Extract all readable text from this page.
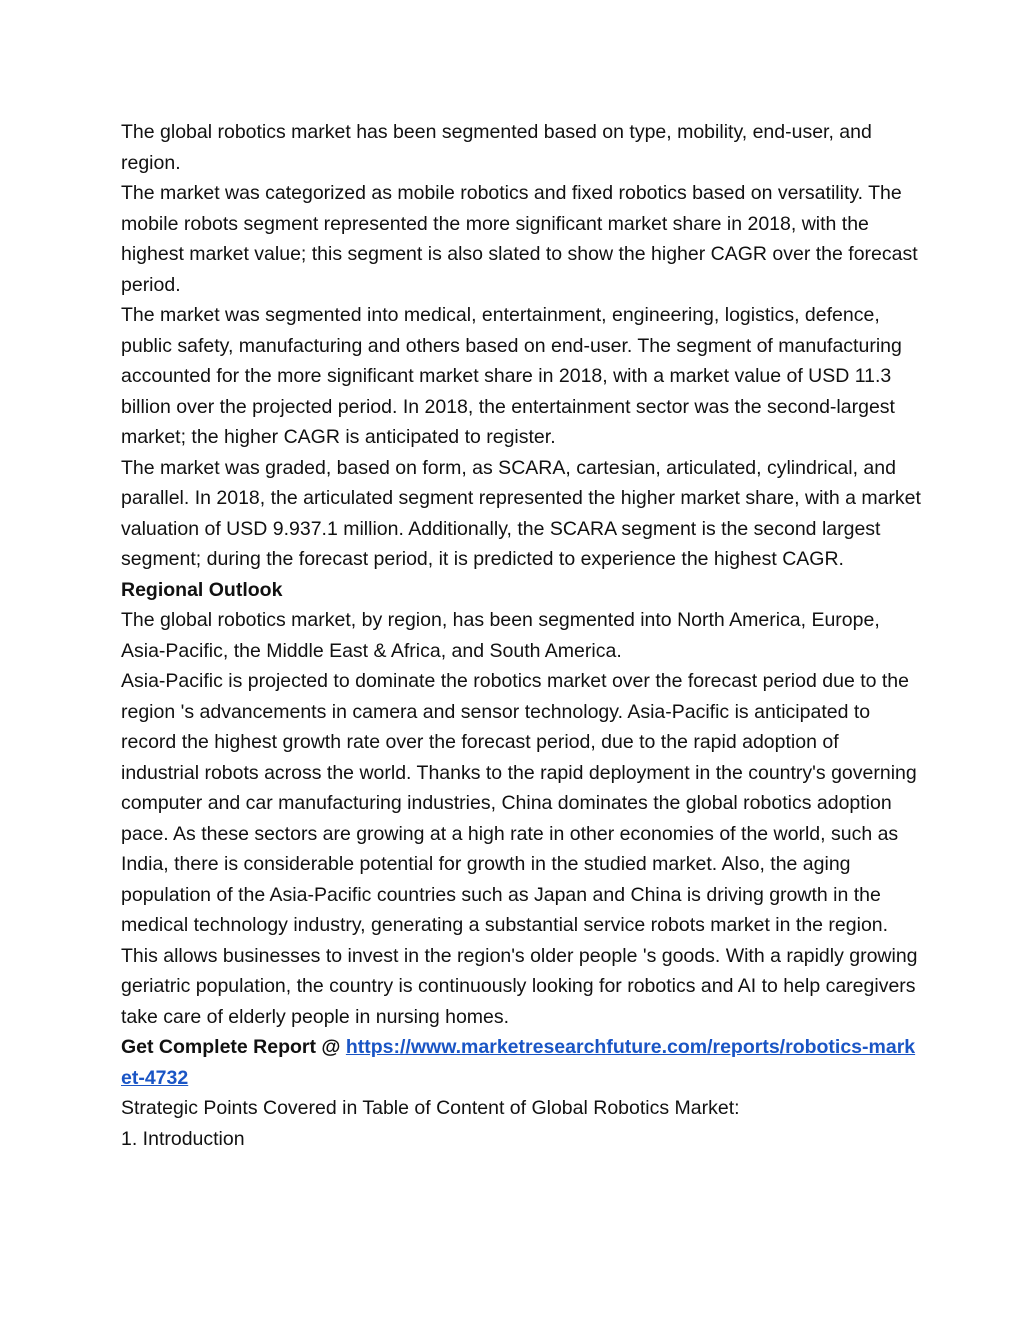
The global robotics market has been segmented based on type, mobility, end-user, and region.

The market was categorized as mobile robotics and fixed robotics based on versatility. The mobile robots segment represented the more significant market share in 2018, with the highest market value; this segment is also slated to show the higher CAGR over the forecast period.

The market was segmented into medical, entertainment, engineering, logistics, defence, public safety, manufacturing and others based on end-user. The segment of manufacturing accounted for the more significant market share in 2018, with a market value of USD 11.3 billion over the projected period. In 2018, the entertainment sector was the second-largest market; the higher CAGR is anticipated to register.

The market was graded, based on form, as SCARA, cartesian, articulated, cylindrical, and parallel. In 2018, the articulated segment represented the higher market share, with a market valuation of USD 9.937.1 million. Additionally, the SCARA segment is the second largest segment; during the forecast period, it is predicted to experience the highest CAGR.

Regional Outlook

The global robotics market, by region, has been segmented into North America, Europe, Asia-Pacific, the Middle East & Africa, and South America.

Asia-Pacific is projected to dominate the robotics market over the forecast period due to the region 's advancements in camera and sensor technology. Asia-Pacific is anticipated to record the highest growth rate over the forecast period, due to the rapid adoption of industrial robots across the world. Thanks to the rapid deployment in the country's governing computer and car manufacturing industries, China dominates the global robotics adoption pace. As these sectors are growing at a high rate in other economies of the world, such as India, there is considerable potential for growth in the studied market. Also, the aging population of the Asia-Pacific countries such as Japan and China is driving growth in the medical technology industry, generating a substantial service robots market in the region. This allows businesses to invest in the region's older people 's goods. With a rapidly growing geriatric population, the country is continuously looking for robotics and AI to help caregivers take care of elderly people in nursing homes.

Get Complete Report @ https://www.marketresearchfuture.com/reports/robotics-market-4732

Strategic Points Covered in Table of Content of Global Robotics Market:

1. Introduction
